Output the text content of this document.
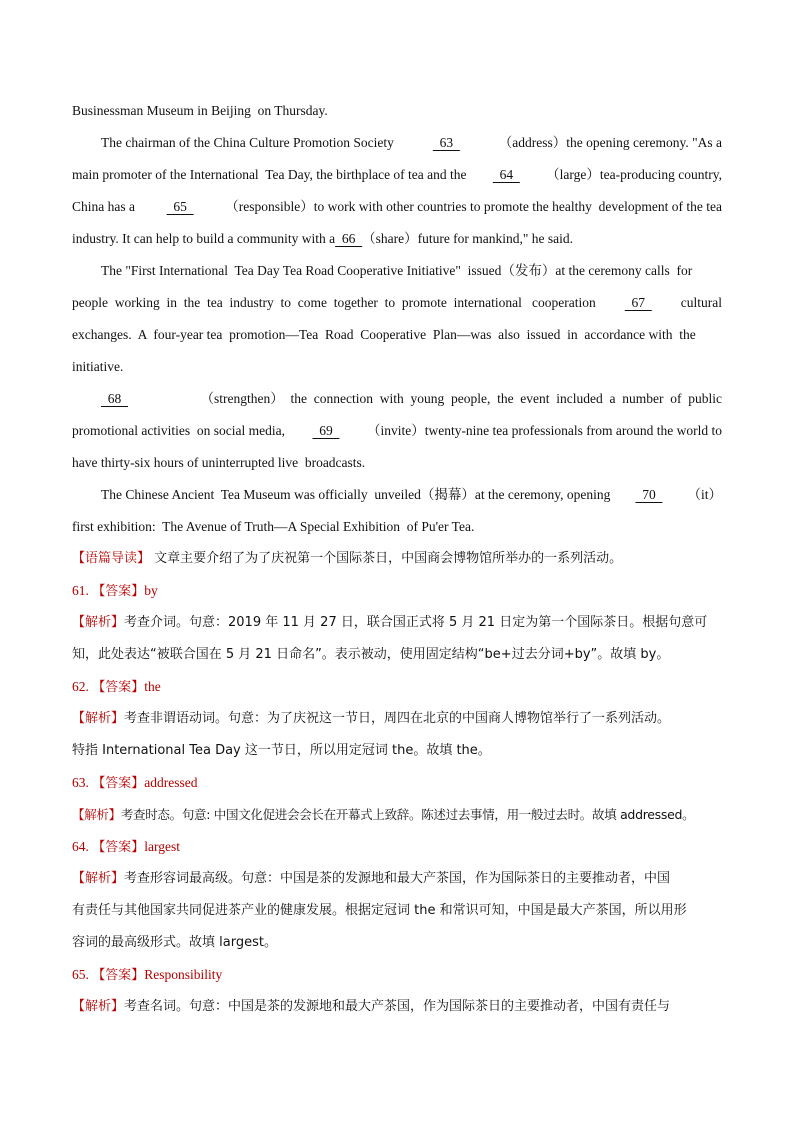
Businessman Museum in Beijing  on Thursday.
The chairman of the China Culture Promotion Society	63	（address）the opening ceremony. "As a
main promoter of the International  Tea Day, the birthplace of tea and the 64 （large）tea-producing country,
China has a 65 （responsible）to work with other countries to promote the healthy  development of the tea
industry. It can help to build a community with a 66 （share）future for mankind," he said.
The "First International  Tea Day Tea Road Cooperative Initiative"  issued（发布）at the ceremony calls  for
people  working  in  the  tea  industry  to  come  together  to  promote  international   cooperation 67 cultural
exchanges.  A  four-year tea  promotion—Tea  Road  Cooperative  Plan—was  also  issued  in  accordance with  the
initiative.
68	（strengthen）  the  connection  with  young  people,  the  event  included  a  number  of  public
promotional activities  on social media, 69 （invite）twenty-nine tea professionals from around the world to
have thirty-six hours of uninterrupted live  broadcasts.
The Chinese Ancient  Tea Museum was officially  unveiled（揭幕）at the ceremony, opening 70 （it）
first exhibition:  The Avenue of Truth—A Special Exhibition  of Pu'er Tea.
【语篇导读】 文章主要介绍了为了庆祝第一个国际茶日，中国商会博物馆所举办的一系列活动。
61. 【答案】by
【解析】考查介词。句意：2019 年 11 月 27 日，联合国正式将 5 月 21 日定为第一个国际茶日。根据句意可
知，此处表达“被联合国在 5 月 21 日命名”。表示被动，使用固定结构“be+过去分词+by”。故填 by。
62. 【答案】the
【解析】考查非谓语动词。句意：为了庆祝这一节日，周四在北京的中国商人博物馆举行了一系列活动。
特指 International Tea Day 这一节日，所以用定冠词 the。故填 the。
63. 【答案】addressed
【解析】考查时态。句意: 中国文化促进会会长在开幕式上致辞。陈述过去事情，用一般过去时。故填 addressed。
64. 【答案】largest
【解析】考查形容词最高级。句意：中国是茶的发源地和最大产茶国，作为国际茶日的主要推动者，中国
有责任与其他国家共同促进茶产业的健康发展。根据定冠词 the 和常识可知，中国是最大产茶国，所以用形
容词的最高级形式。故填 largest。
65. 【答案】Responsibility
【解析】考查名词。句意：中国是茶的发源地和最大产茶国，作为国际茶日的主要推动者，中国有责任与
